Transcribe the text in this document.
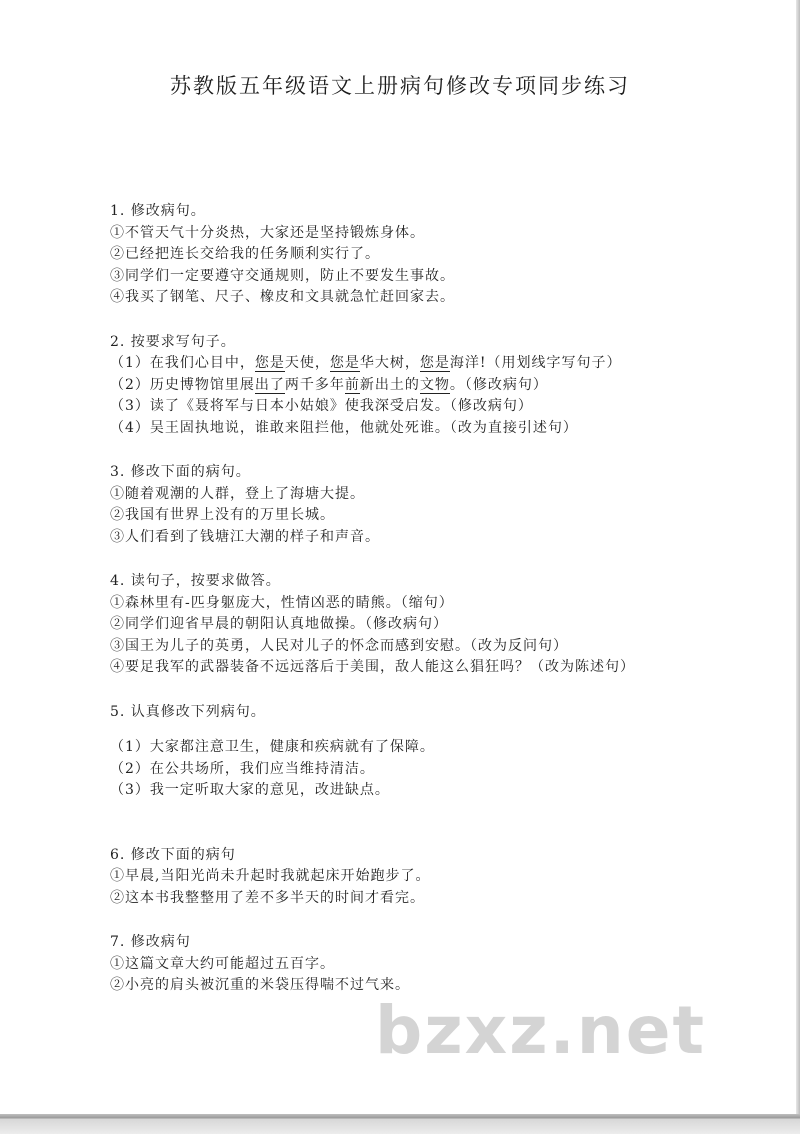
苏教版五年级语文上册病句修改专项同步练习
1. 修改病句。
①不管天气十分炎热，大家还是坚持锻炼身体。
②已经把连长交给我的任务顺利实行了。
③同学们一定要遵守交通规则，防止不要发生事故。
④我买了钢笔、尺子、橡皮和文具就急忙赶回家去。
2. 按要求写句子。
（1）在我们心目中，您是天使，您是华大树，您是海洋!（用划线字写句子）
（2）历史博物馆里展出了两千多年前新出土的文物。（修改病句）
（3）读了《聂将军与日本小姑娘》使我深受启发。（修改病句）
（4）吴王固执地说，谁敢来阻拦他，他就处死谁。（改为直接引述句）
3. 修改下面的病句。
①随着观潮的人群，登上了海塘大提。
②我国有世界上没有的万里长城。
③人们看到了钱塘江大潮的样子和声音。
4. 读句子，按要求做答。
①森林里有-匹身躯庞大，性情凶恶的睛熊。（缩句）
②同学们迎省早晨的朝阳认真地做操。（修改病句）
③国王为儿子的英勇，人民对儿子的怀念而感到安慰。（改为反问句）
④要足我军的武器装备不远远落后于美围，敌人能这么猖狂吗？（改为陈述句）
5. 认真修改下列病句。
（1）大家都注意卫生，健康和疾病就有了保障。
（2）在公共场所，我们应当维持清洁。
（3）我一定听取大家的意见，改进缺点。
6. 修改下面的病句
①早晨,当阳光尚未升起时我就起床开始跑步了。
②这本书我整整用了差不多半天的时间才看完。
7. 修改病句
①这篇文章大约可能超过五百字。
②小亮的肩头被沉重的米袋压得喘不过气来。
bzxz.net
